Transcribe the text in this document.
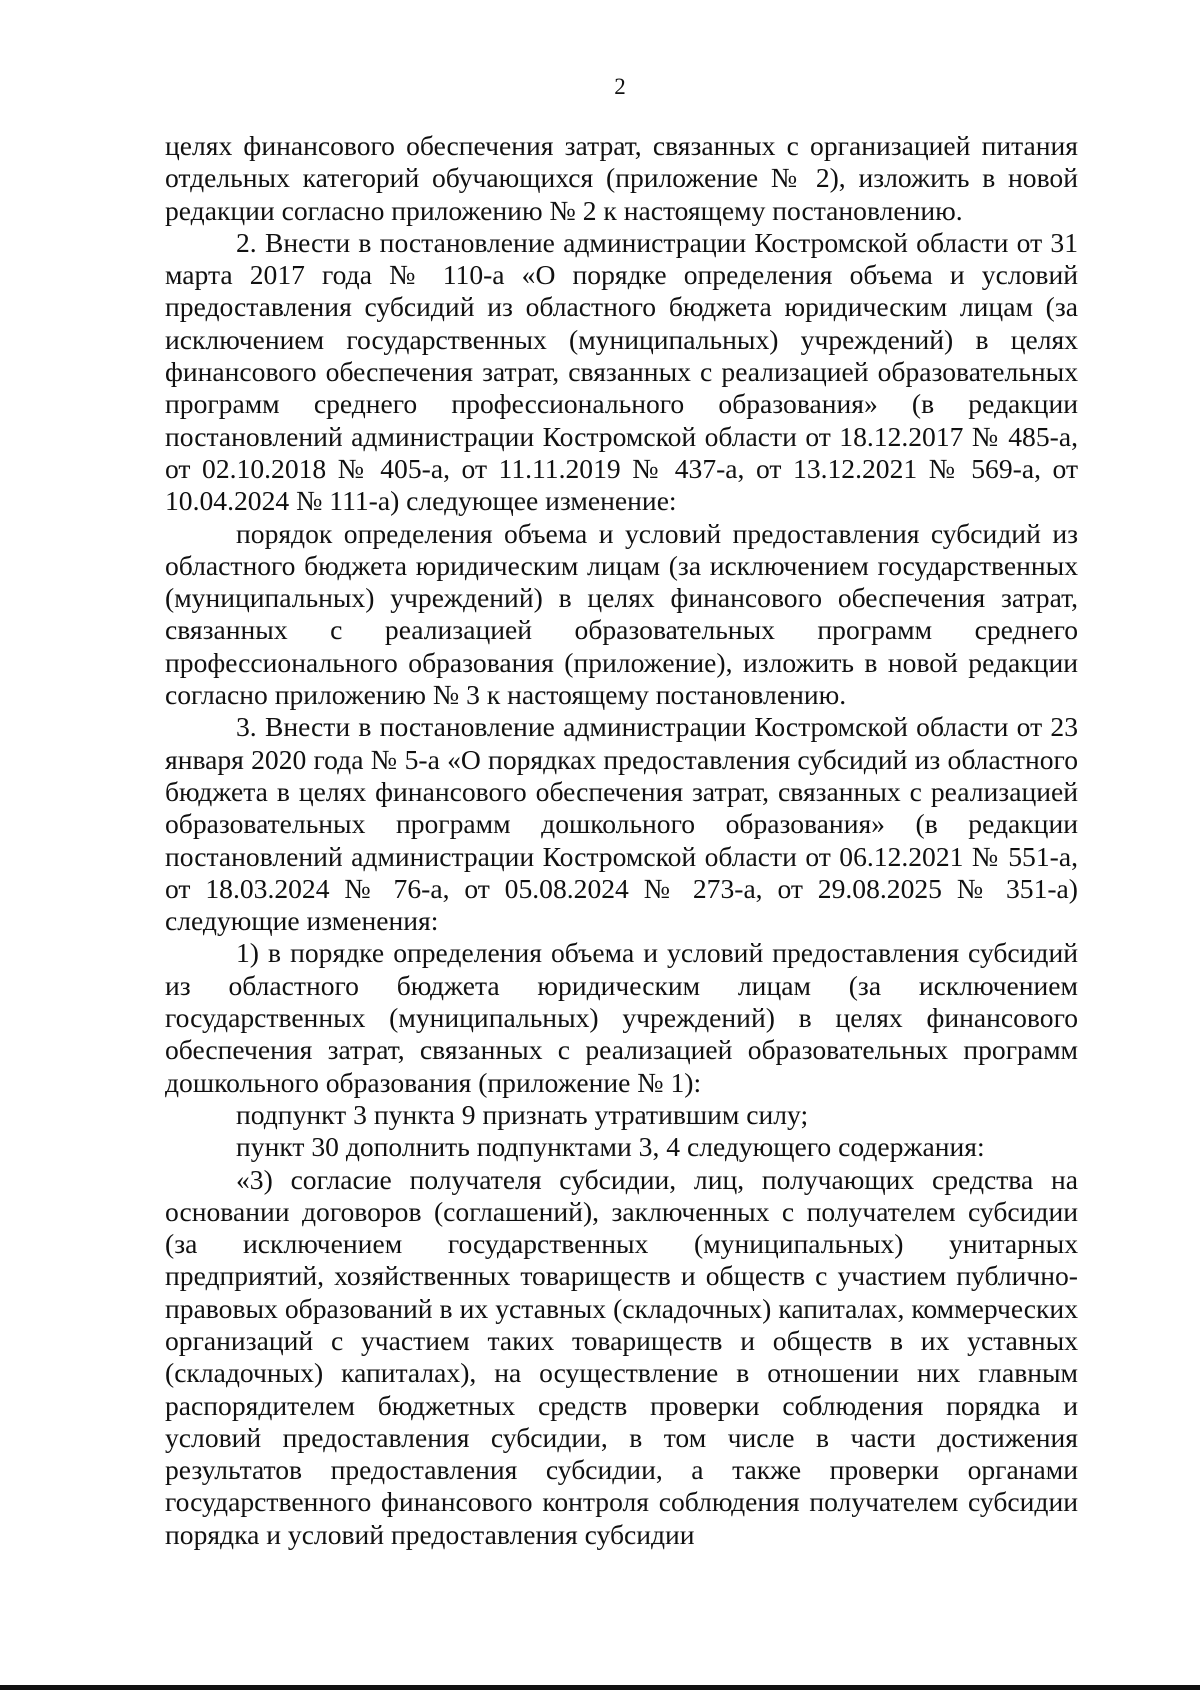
2

целях финансового обеспечения затрат, связанных с организацией питания отдельных категорий обучающихся (приложение № 2), изложить в новой редакции согласно приложению № 2 к настоящему постановлению.

2. Внести в постановление администрации Костромской области от 31 марта 2017 года № 110-а «О порядке определения объема и условий предоставления субсидий из областного бюджета юридическим лицам (за исключением государственных (муниципальных) учреждений) в целях финансового обеспечения затрат, связанных с реализацией образовательных программ среднего профессионального образования» (в редакции постановлений администрации Костромской области от 18.12.2017 № 485-а, от 02.10.2018 № 405-а, от 11.11.2019 № 437-а, от 13.12.2021 № 569-а, от 10.04.2024 № 111-а) следующее изменение:

порядок определения объема и условий предоставления субсидий из областного бюджета юридическим лицам (за исключением государственных (муниципальных) учреждений) в целях финансового обеспечения затрат, связанных с реализацией образовательных программ среднего профессионального образования (приложение), изложить в новой редакции согласно приложению № 3 к настоящему постановлению.

3. Внести в постановление администрации Костромской области от 23 января 2020 года № 5-а «О порядках предоставления субсидий из областного бюджета в целях финансового обеспечения затрат, связанных с реализацией образовательных программ дошкольного образования» (в редакции постановлений администрации Костромской области от 06.12.2021 № 551-а, от 18.03.2024 № 76-а, от 05.08.2024 № 273-а, от 29.08.2025 № 351-а) следующие изменения:

1) в порядке определения объема и условий предоставления субсидий из областного бюджета юридическим лицам (за исключением государственных (муниципальных) учреждений) в целях финансового обеспечения затрат, связанных с реализацией образовательных программ дошкольного образования (приложение № 1):

подпункт 3 пункта 9 признать утратившим силу;

пункт 30 дополнить подпунктами 3, 4 следующего содержания:

«3) согласие получателя субсидии, лиц, получающих средства на основании договоров (соглашений), заключенных с получателем субсидии (за исключением государственных (муниципальных) унитарных предприятий, хозяйственных товариществ и обществ с участием публично-правовых образований в их уставных (складочных) капиталах, коммерческих организаций с участием таких товариществ и обществ в их уставных (складочных) капиталах), на осуществление в отношении них главным распорядителем бюджетных средств проверки соблюдения порядка и условий предоставления субсидии, в том числе в части достижения результатов предоставления субсидии, а также проверки органами государственного финансового контроля соблюдения получателем субсидии порядка и условий предоставления субсидии
